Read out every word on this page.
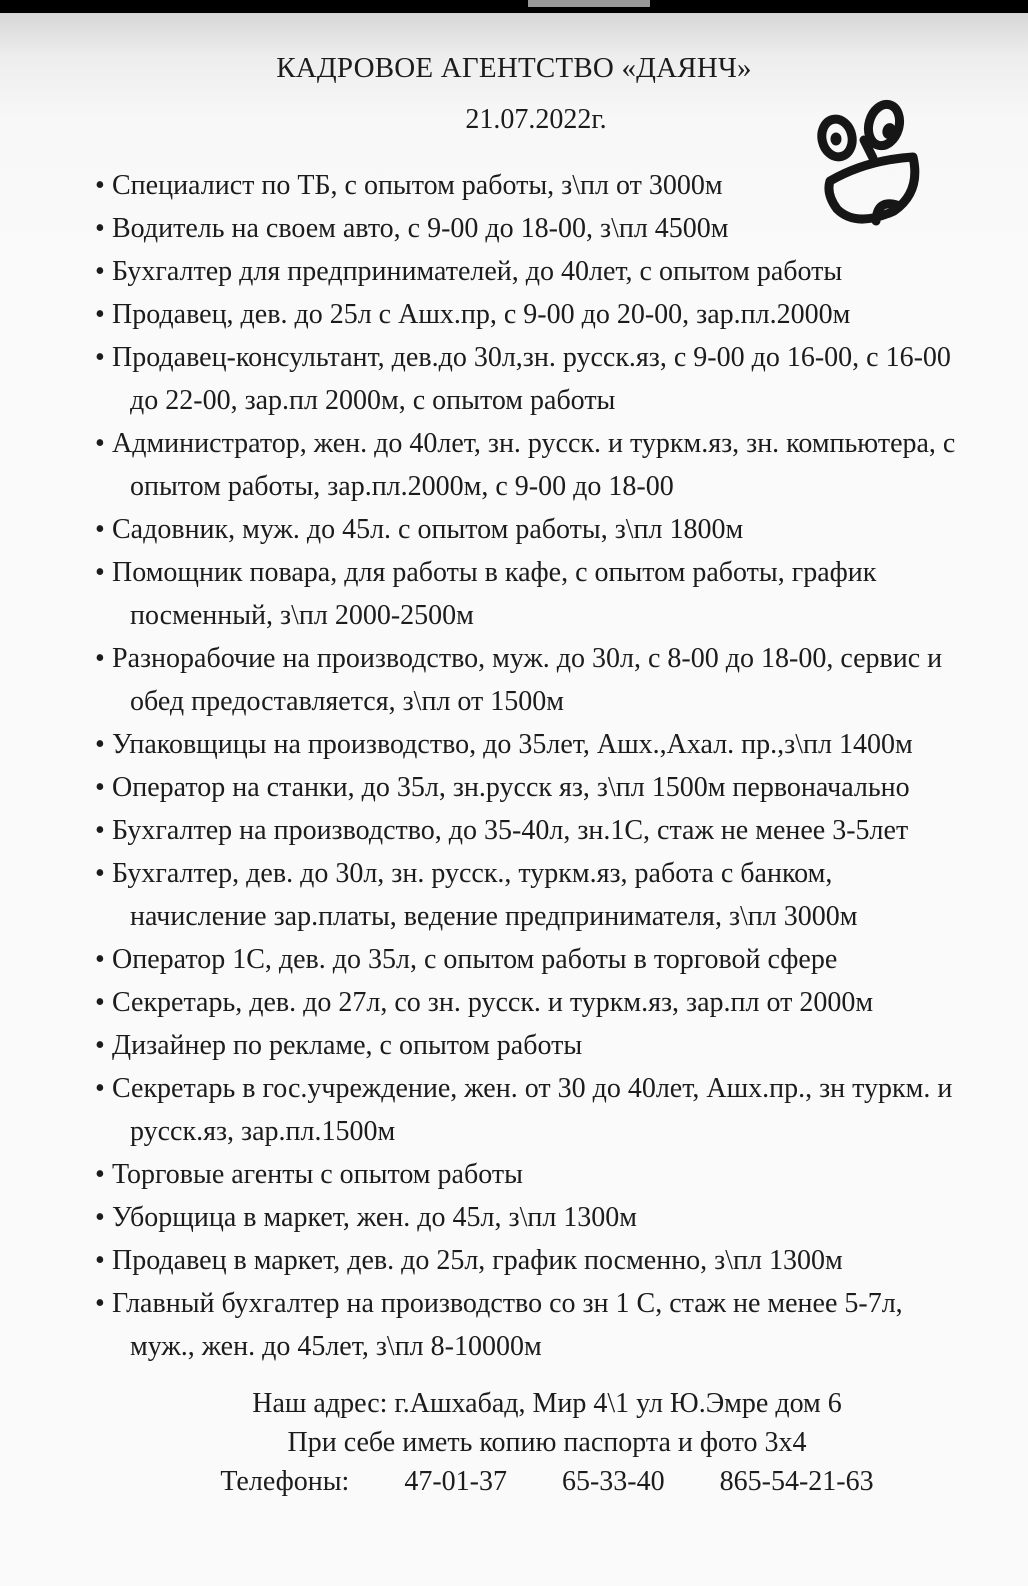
КАДРОВОЕ АГЕНТСТВО «ДАЯНЧ»
21.07.2022г.
• Специалист по ТБ, с опытом работы, з\пл от 3000м
• Водитель на своем авто, с 9-00 до 18-00, з\пл 4500м
• Бухгалтер для предпринимателей, до 40лет, с опытом работы
• Продавец, дев. до 25л с Ашх.пр, с 9-00 до 20-00, зар.пл.2000м
• Продавец-консультант, дев.до 30л,зн. русск.яз, с 9-00 до 16-00, с 16-00 до 22-00, зар.пл 2000м, с опытом работы
• Администратор, жен. до 40лет, зн. русск. и туркм.яз, зн. компьютера, с опытом работы, зар.пл.2000м, с 9-00 до 18-00
• Садовник, муж. до 45л. с опытом работы, з\пл 1800м
• Помощник повара, для работы в кафе, с опытом работы, график посменный, з\пл 2000-2500м
• Разнорабочие на производство, муж. до 30л, с 8-00 до 18-00, сервис и обед предоставляется, з\пл от 1500м
• Упаковщицы на производство, до 35лет, Ашх.,Ахал. пр.,з\пл 1400м
• Оператор на станки, до 35л, зн.русск яз, з\пл 1500м первоначально
• Бухгалтер на производство, до 35-40л, зн.1С, стаж не менее 3-5лет
• Бухгалтер, дев. до 30л, зн. русск., туркм.яз, работа с банком, начисление зар.платы, ведение предпринимателя, з\пл 3000м
• Оператор 1С, дев. до 35л, с опытом работы в торговой сфере
• Секретарь, дев. до 27л, со зн. русск. и туркм.яз, зар.пл от 2000м
• Дизайнер по рекламе, с опытом работы
• Секретарь в гос.учреждение, жен. от 30 до 40лет, Ашх.пр., зн туркм. и русск.яз, зар.пл.1500м
• Торговые агенты с опытом работы
• Уборщица в маркет, жен. до 45л, з\пл 1300м
• Продавец в маркет, дев. до 25л, график посменно, з\пл 1300м
• Главный бухгалтер на производство со зн 1 С, стаж не менее 5-7л, муж., жен. до 45лет, з\пл 8-10000м
Наш адрес: г.Ашхабад, Мир 4\1 ул Ю.Эмре дом 6
При себе иметь копию паспорта и фото 3х4
Телефоны: 47-01-37 65-33-40 865-54-21-63
